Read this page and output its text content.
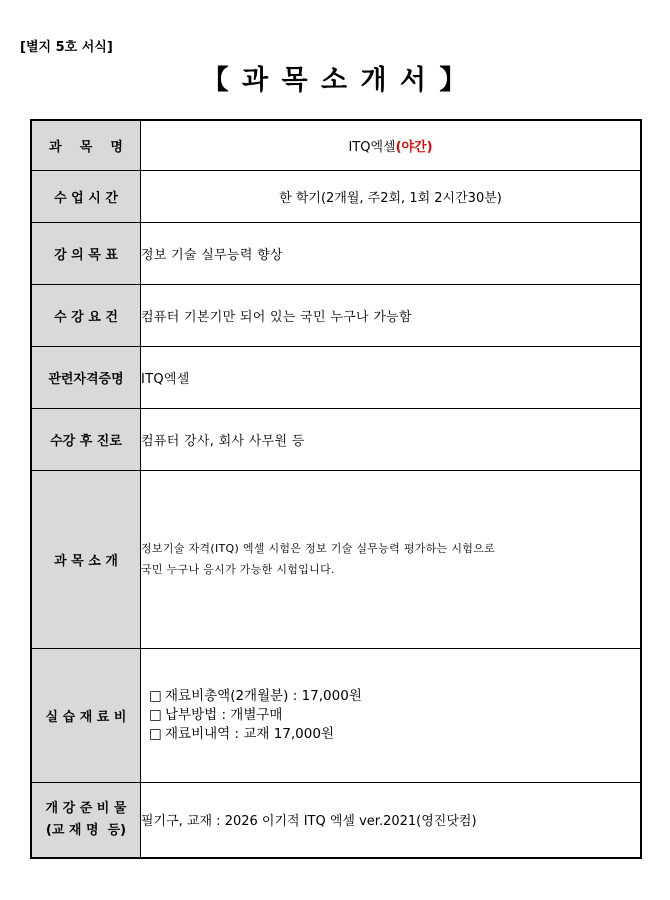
[별지 5호 서식]
【 과 목 소 개 서 】
과    목    명	ITQ엑셀(야간)
수 업 시 간	한 학기(2개월, 주2회, 1회 2시간30분)
강 의 목 표	정보 기술 실무능력 향상
수 강 요 건	컴퓨터 기본기만 되어 있는 국민 누구나 가능함
관련자격증명	ITQ엑셀
수강 후 진로	컴퓨터 강사, 회사 사무원 등
과 목 소 개	정보기술 자격(ITQ) 엑셀 시험은 정보 기술 실무능력 평가하는 시험으로
국민 누구나 응시가 가능한 시험입니다.

실 습 재 료 비	□ 재료비총액(2개월분) : 17,000원
□ 납부방법 : 개별구매
□ 재료비내역 : 교재 17,000원

개 강 준 비 물
(교 재 명  등)	필기구, 교재 : 2026 이기적 ITQ 엑셀 ver.2021(영진닷컴)
